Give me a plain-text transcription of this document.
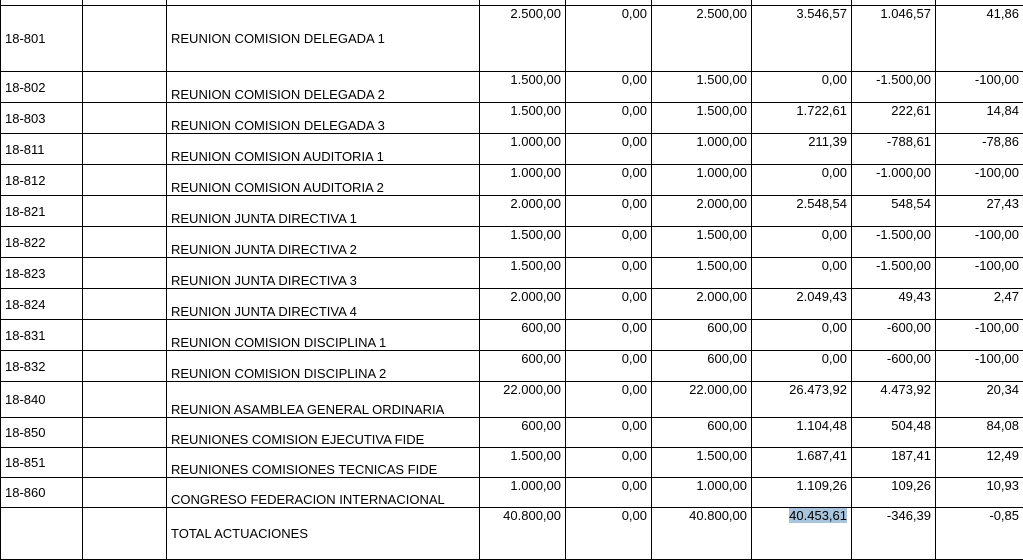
18-801		REUNION COMISION DELEGADA 1	2.500,00	0,00	2.500,00	3.546,57	1.046,57	41,86
18-802		REUNION COMISION DELEGADA 2	1.500,00	0,00	1.500,00	0,00	-1.500,00	-100,00
18-803		REUNION COMISION DELEGADA 3	1.500,00	0,00	1.500,00	1.722,61	222,61	14,84
18-811		REUNION COMISION AUDITORIA 1	1.000,00	0,00	1.000,00	211,39	-788,61	-78,86
18-812		REUNION COMISION AUDITORIA 2	1.000,00	0,00	1.000,00	0,00	-1.000,00	-100,00
18-821		REUNION JUNTA DIRECTIVA 1	2.000,00	0,00	2.000,00	2.548,54	548,54	27,43
18-822		REUNION JUNTA DIRECTIVA 2	1.500,00	0,00	1.500,00	0,00	-1.500,00	-100,00
18-823		REUNION JUNTA DIRECTIVA 3	1.500,00	0,00	1.500,00	0,00	-1.500,00	-100,00
18-824		REUNION JUNTA DIRECTIVA 4	2.000,00	0,00	2.000,00	2.049,43	49,43	2,47
18-831		REUNION COMISION DISCIPLINA 1	600,00	0,00	600,00	0,00	-600,00	-100,00
18-832		REUNION COMISION DISCIPLINA 2	600,00	0,00	600,00	0,00	-600,00	-100,00
18-840		REUNION ASAMBLEA GENERAL ORDINARIA	22.000,00	0,00	22.000,00	26.473,92	4.473,92	20,34
18-850		REUNIONES COMISION EJECUTIVA FIDE	600,00	0,00	600,00	1.104,48	504,48	84,08
18-851		REUNIONES COMISIONES TECNICAS FIDE	1.500,00	0,00	1.500,00	1.687,41	187,41	12,49
18-860		CONGRESO FEDERACION INTERNACIONAL	1.000,00	0,00	1.000,00	1.109,26	109,26	10,93
		TOTAL ACTUACIONES	40.800,00	0,00	40.800,00	40.453,61	-346,39	-0,85
